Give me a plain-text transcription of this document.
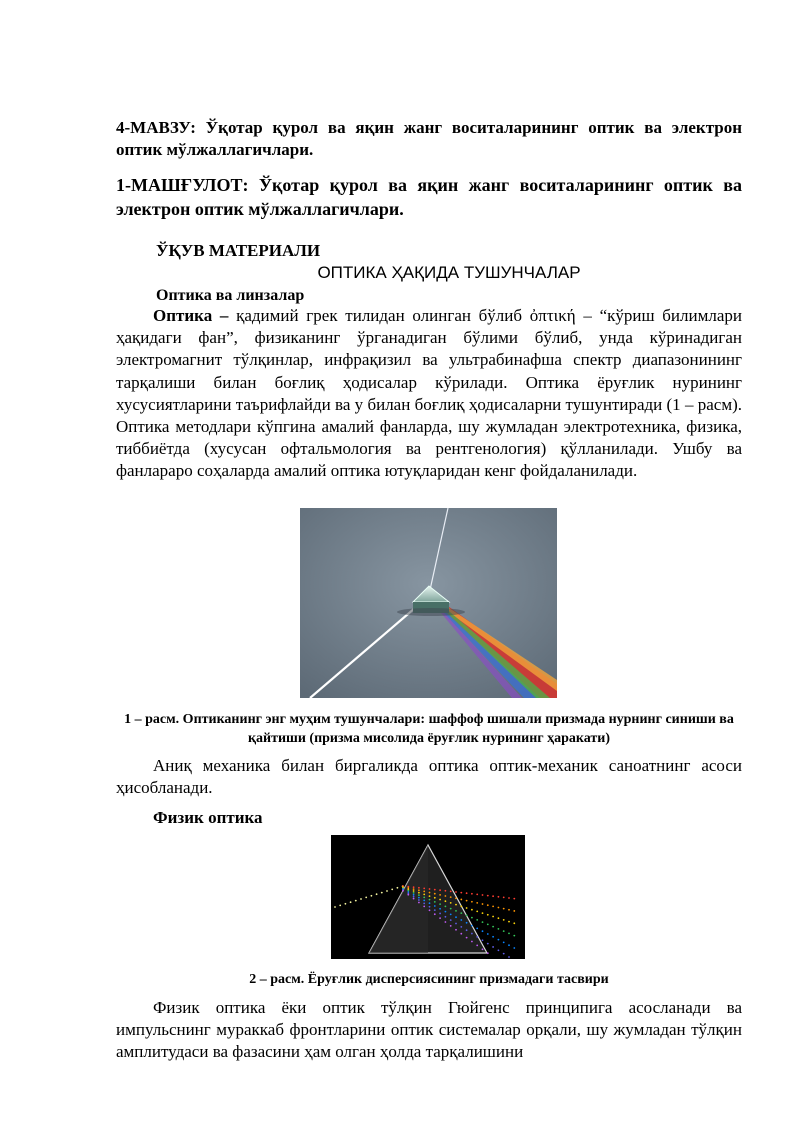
4-МАВЗУ: Ўқотар қурол ва яқин жанг воситаларининг оптик ва электрон оптик мўлжаллагичлари.
1-МАШҒУЛОТ: Ўқотар қурол ва яқин жанг воситаларининг оптик ва электрон оптик мўлжаллагичлари.
ЎҚУВ МАТЕРИАЛИ
ОПТИКА ҲАҚИДА ТУШУНЧАЛАР
Оптика ва линзалар
Оптика – қадимий грек тилидан олинган бўлиб ὀπτική – “кўриш билимлари ҳақидаги фан”, физиканинг ўрганадиган бўлими бўлиб, унда кўринадиган электромагнит тўлқинлар, инфрақизил ва ультрабинафша спектр диапазонининг тарқалиши билан боғлиқ ҳодисалар кўрилади. Оптика ёруғлик нурининг хусусиятларини таърифлайди ва у билан боғлиқ ҳодисаларни тушунтиради (1 – расм). Оптика методлари кўпгина амалий фанларда, шу жумладан электротехника, физика, тиббиётда (хусусан офтальмология ва рентгенология) қўлланилади. Ушбу ва фанлараро соҳаларда амалий оптика ютуқларидан кенг фойдаланилади.
1 – расм. Оптиканинг энг муҳим тушунчалари: шаффоф шишали призмада нурнинг синиши ва қайтиши (призма мисолида ёруғлик нурининг ҳаракати)
Аниқ механика билан биргаликда оптика оптик-механик саноатнинг асоси ҳисобланади.
Физик оптика
2 – расм. Ёруғлик дисперсиясининг призмадаги тасвири
Физик оптика ёки оптик тўлқин Гюйгенс принципига асосланади ва импульснинг мураккаб фронтларини оптик системалар орқали, шу жумладан тўлқин амплитудаси ва фазасини ҳам олган ҳолда тарқалишини
